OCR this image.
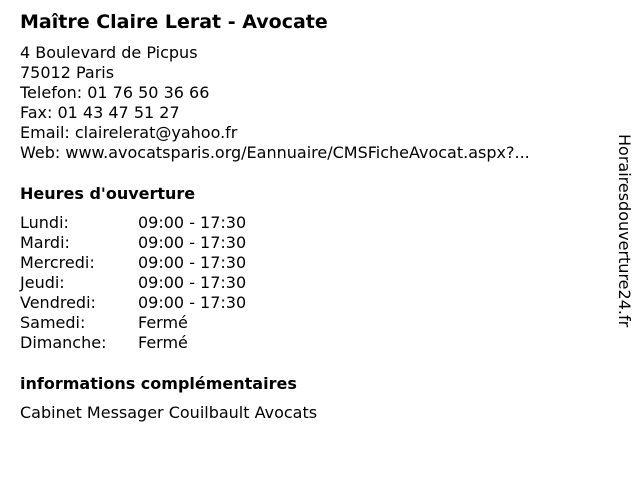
Maître Claire Lerat - Avocate
4 Boulevard de Picpus
75012 Paris
Telefon: 01 76 50 36 66
Fax: 01 43 47 51 27
Email: clairelerat@yahoo.fr
Web: www.avocatsparis.org/Eannuaire/CMSFicheAvocat.aspx?...
Heures d'ouverture
Lundi:	09:00 - 17:30
Mardi:	09:00 - 17:30
Mercredi:	09:00 - 17:30
Jeudi:	09:00 - 17:30
Vendredi:	09:00 - 17:30
Samedi:	Fermé
Dimanche: Fermé
informations complémentaires
Cabinet Messager Couilbault Avocats
Horairesdouverture24.fr
